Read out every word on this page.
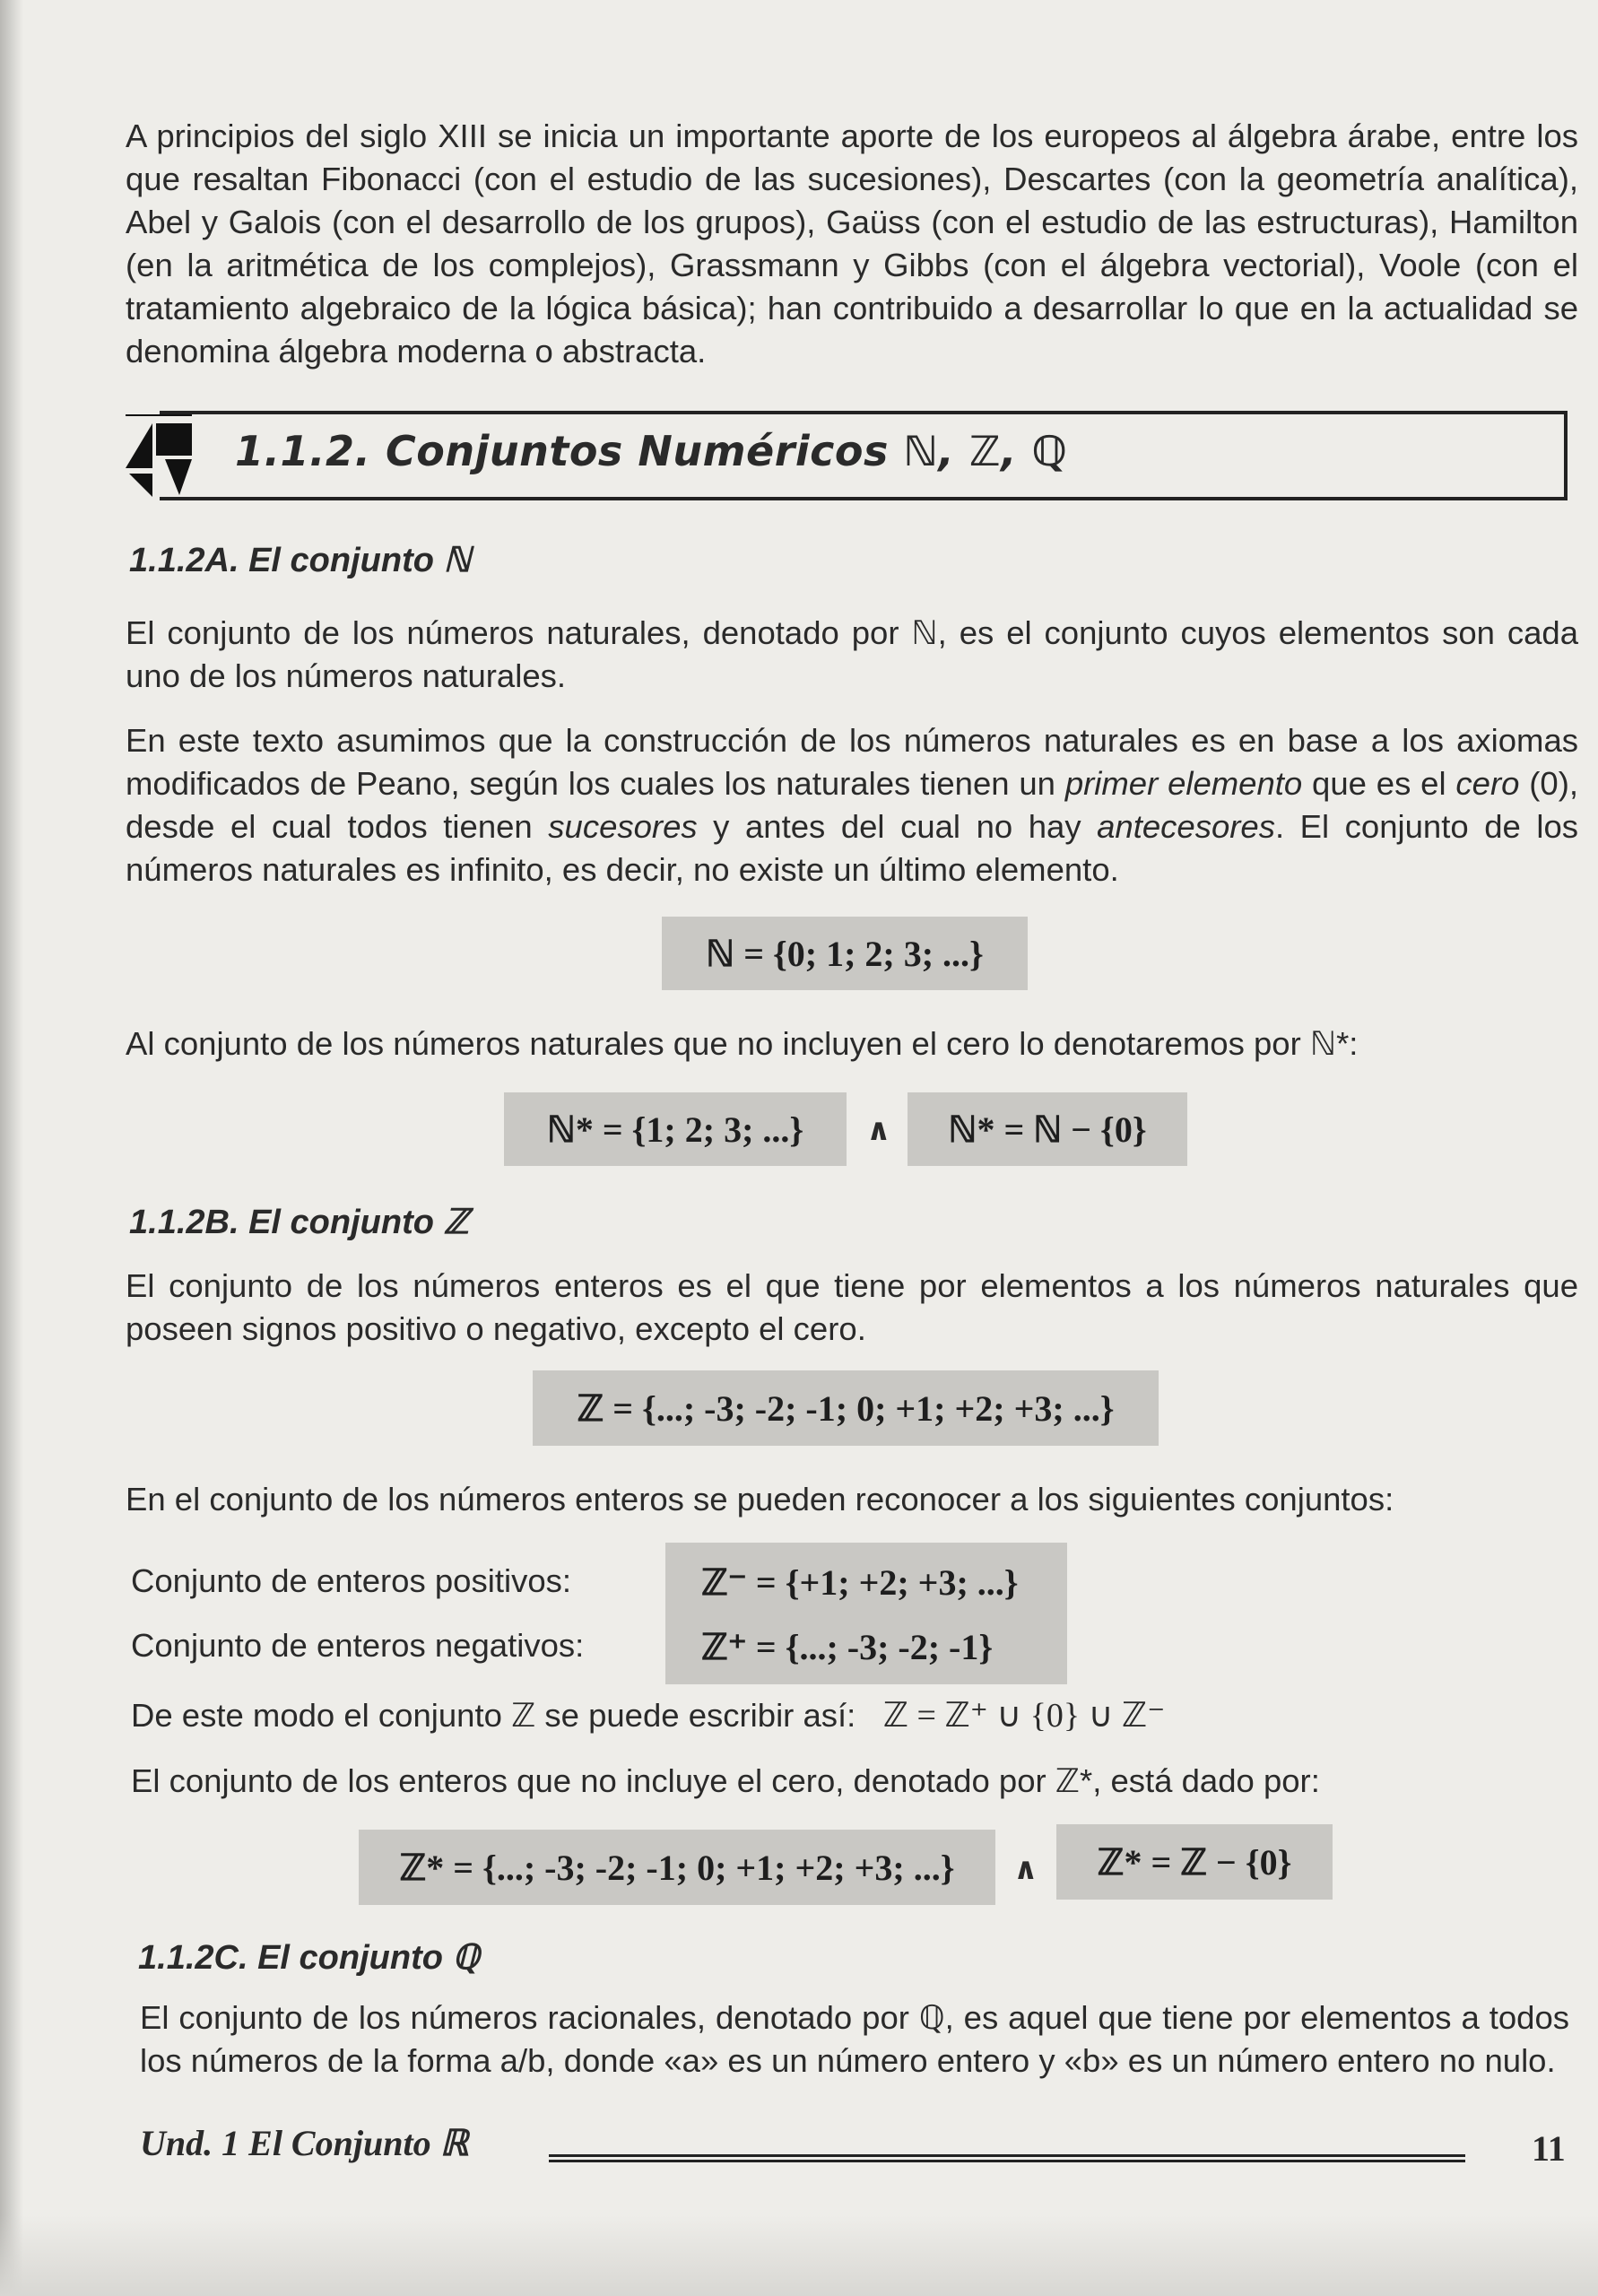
A principios del siglo XIII se inicia un importante aporte de los europeos al álgebra árabe, entre los que resaltan Fibonacci (con el estudio de las sucesiones), Descartes (con la geometría analítica), Abel y Galois (con el desarrollo de los grupos), Gaüss (con el estudio de las estructuras), Hamilton (en la aritmética de los complejos), Grassmann y Gibbs (con el álgebra vectorial), Voole (con el tratamiento algebraico de la lógica básica); han contribuido a desarrollar lo que en la actualidad se denomina álgebra moderna o abstracta.

1.1.2. Conjuntos Numéricos ℕ, ℤ, ℚ
1.1.2A. El conjunto ℕ

El conjunto de los números naturales, denotado por ℕ, es el conjunto cuyos elementos son cada uno de los números naturales.

En este texto asumimos que la construcción de los números naturales es en base a los axiomas modificados de Peano, según los cuales los naturales tienen un primer elemento que es el cero (0), desde el cual todos tienen sucesores y antes del cual no hay antecesores. El conjunto de los números naturales es infinito, es decir, no existe un último elemento.

ℕ = {0; 1; 2; 3; ...}

Al conjunto de los números naturales que no incluyen el cero lo denotaremos por ℕ*:

ℕ* = {1; 2; 3; ...}	∧	ℕ* = ℕ − {0}
1.1.2B. El conjunto ℤ

El conjunto de los números enteros es el que tiene por elementos a los números naturales que poseen signos positivo o negativo, excepto el cero.

ℤ = {...; -3; -2; -1; 0; +1; +2; +3; ...}

En el conjunto de los números enteros se pueden reconocer a los siguientes conjuntos:

Conjunto de enteros positivos:	ℤ⁻ = {+1; +2; +3; ...}
Conjunto de enteros negativos:	ℤ⁺ = {...; -3; -2; -1}
De este modo el conjunto ℤ se puede escribir así: ℤ = ℤ⁺ ∪ {0} ∪ ℤ⁻

El conjunto de los enteros que no incluye el cero, denotado por ℤ*, está dado por:

ℤ* = {...; -3; -2; -1; 0; +1; +2; +3; ...}	∧	ℤ* = ℤ − {0}
1.1.2C. El conjunto ℚ

El conjunto de los números racionales, denotado por ℚ, es aquel que tiene por elementos a todos los números de la forma a/b, donde «a» es un número entero y «b» es un número entero no nulo.

Und. 1 El Conjunto ℝ	11
